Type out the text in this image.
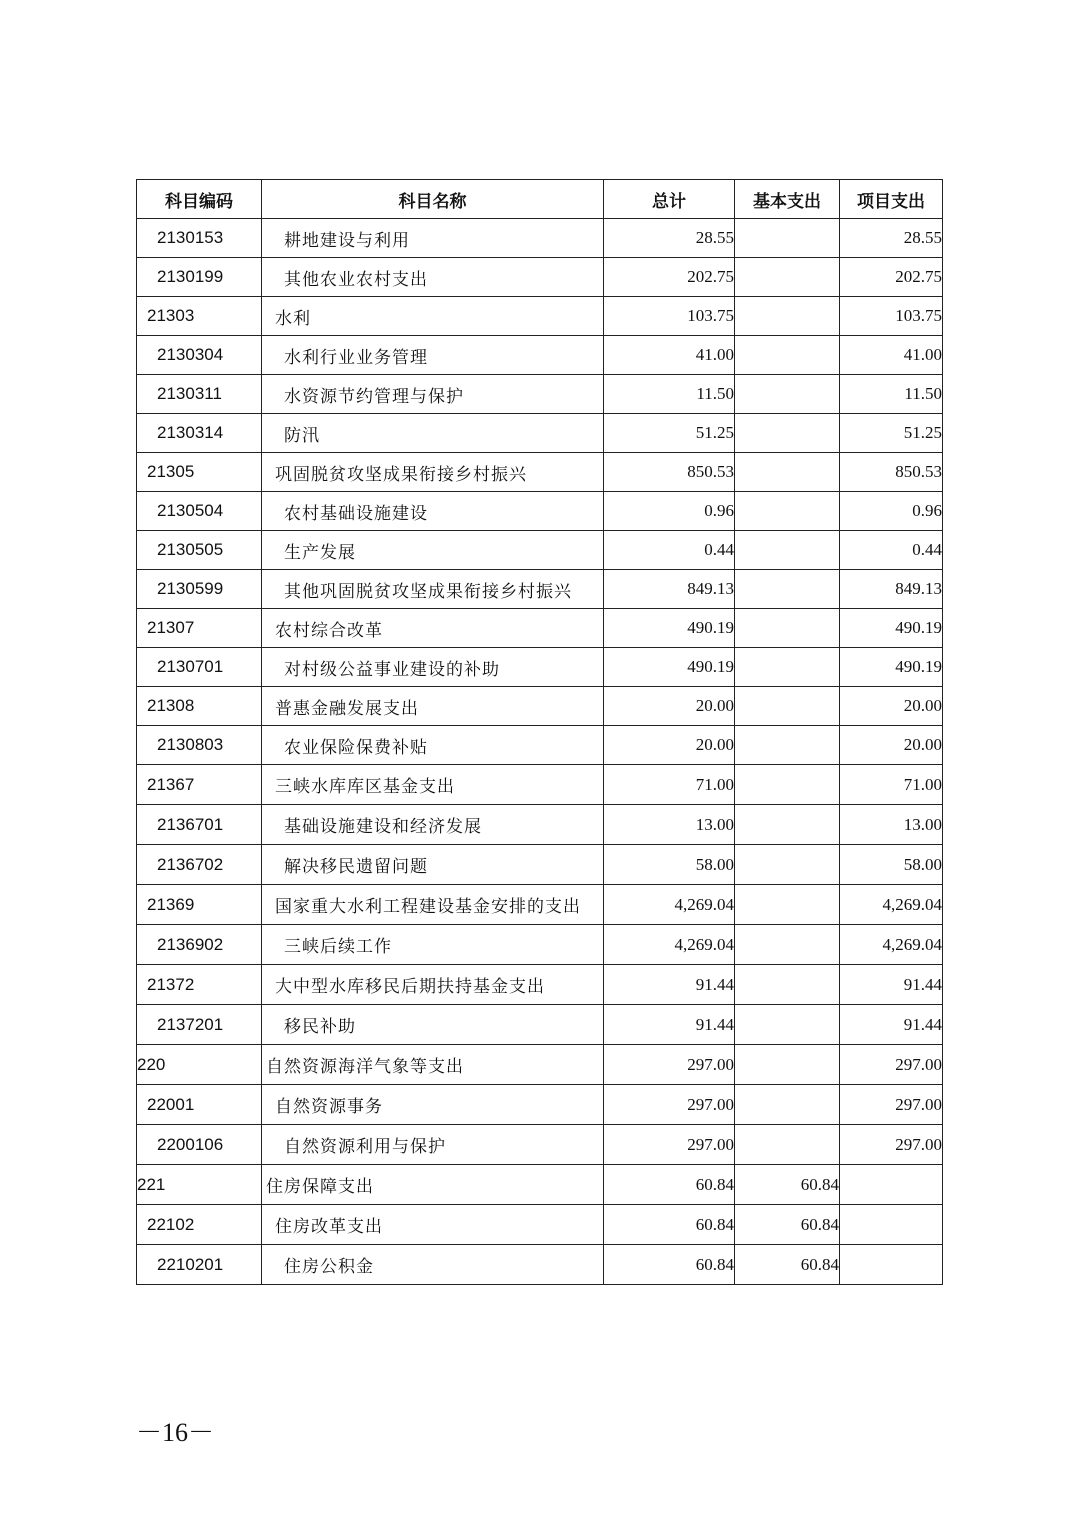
科目编码	科目名称	总计	基本支出	项目支出
2130153	耕地建设与利用	28.55		28.55
2130199	其他农业农村支出	202.75		202.75
21303	水利	103.75		103.75
2130304	水利行业业务管理	41.00		41.00
2130311	水资源节约管理与保护	11.50		11.50
2130314	防汛	51.25		51.25
21305	巩固脱贫攻坚成果衔接乡村振兴	850.53		850.53
2130504	农村基础设施建设	0.96		0.96
2130505	生产发展	0.44		0.44
2130599	其他巩固脱贫攻坚成果衔接乡村振兴	849.13		849.13
21307	农村综合改革	490.19		490.19
2130701	对村级公益事业建设的补助	490.19		490.19
21308	普惠金融发展支出	20.00		20.00
2130803	农业保险保费补贴	20.00		20.00
21367	三峡水库库区基金支出	71.00		71.00
2136701	基础设施建设和经济发展	13.00		13.00
2136702	解决移民遗留问题	58.00		58.00
21369	国家重大水利工程建设基金安排的支出	4,269.04		4,269.04
2136902	三峡后续工作	4,269.04		4,269.04
21372	大中型水库移民后期扶持基金支出	91.44		91.44
2137201	移民补助	91.44		91.44
220	自然资源海洋气象等支出	297.00		297.00
22001	自然资源事务	297.00		297.00
2200106	自然资源利用与保护	297.00		297.00
221	住房保障支出	60.84	60.84	
22102	住房改革支出	60.84	60.84	
2210201	住房公积金	60.84	60.84	
－16－
